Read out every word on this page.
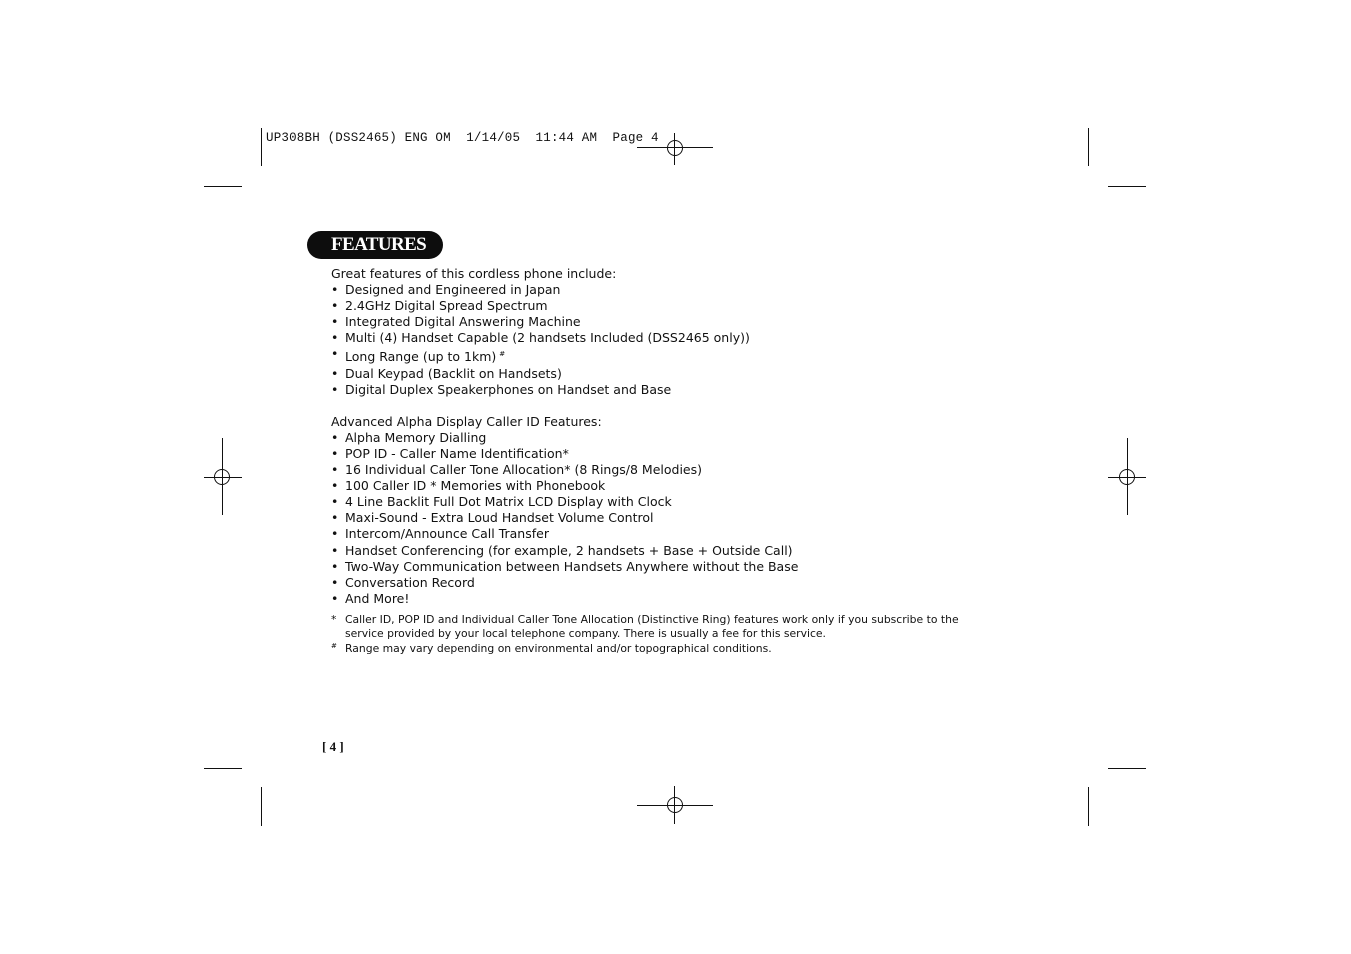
UP308BH (DSS2465) ENG OM  1/14/05  11:44 AM  Page 4
FEATURES

Great features of this cordless phone include:

• Designed and Engineered in Japan
• 2.4GHz Digital Spread Spectrum
• Integrated Digital Answering Machine
• Multi (4) Handset Capable (2 handsets Included (DSS2465 only))
• Long Range (up to 1km) #
• Dual Keypad (Backlit on Handsets)
• Digital Duplex Speakerphones on Handset and Base

Advanced Alpha Display Caller ID Features:

• Alpha Memory Dialling
• POP ID - Caller Name Identification*
• 16 Individual Caller Tone Allocation* (8 Rings/8 Melodies)
• 100 Caller ID * Memories with Phonebook
• 4 Line Backlit Full Dot Matrix LCD Display with Clock
• Maxi-Sound - Extra Loud Handset Volume Control
• Intercom/Announce Call Transfer
• Handset Conferencing (for example, 2 handsets + Base + Outside Call)
• Two-Way Communication between Handsets Anywhere without the Base
• Conversation Record
• And More!
* Caller ID, POP ID and Individual Caller Tone Allocation (Distinctive Ring) features work only if you subscribe to the service provided by your local telephone company. There is usually a fee for this service.
# Range may vary depending on environmental and/or topographical conditions.
[ 4 ]
